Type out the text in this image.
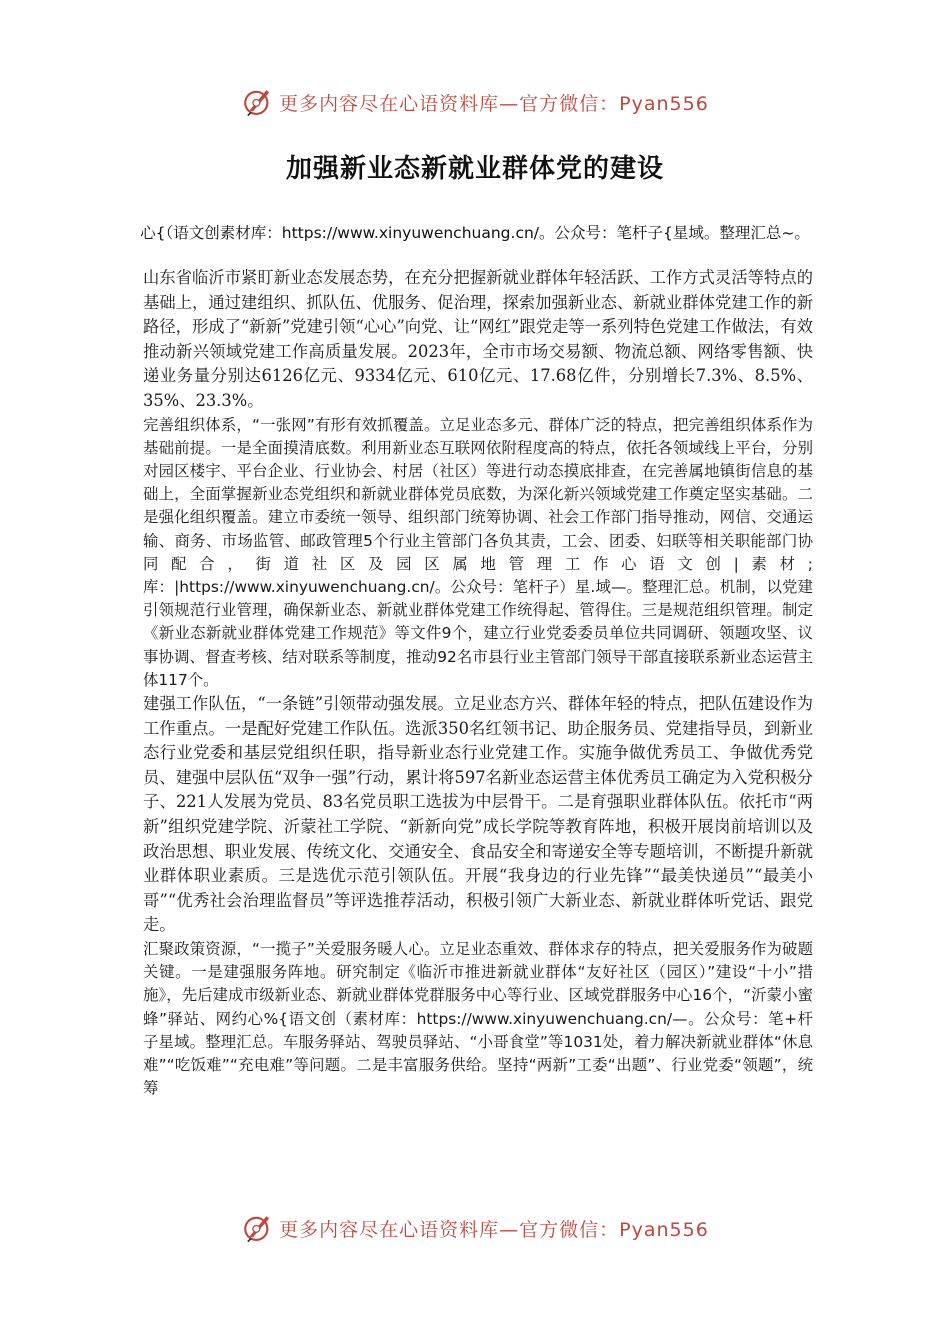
更多内容尽在心语资料库—官方微信：Pyan556
加强新业态新就业群体党的建设
心{（语文创素材库：https://www.xinyuwenchuang.cn/。公众号：笔杆子{星域。整理汇总~。

山东省临沂市紧盯新业态发展态势，在充分把握新就业群体年轻活跃、工作方式灵活等特点的基础上，通过建组织、抓队伍、优服务、促治理，探索加强新业态、新就业群体党建工作的新路径，形成了“新新”党建引领“心心”向党、让“网红”跟党走等一系列特色党建工作做法，有效推动新兴领域党建工作高质量发展。2023年，全市市场交易额、物流总额、网络零售额、快递业务量分别达6126亿元、9334亿元、610亿元、17.68亿件，分别增长7.3%、8.5%、35%、23.3%。

完善组织体系，“一张网”有形有效抓覆盖。立足业态多元、群体广泛的特点，把完善组织体系作为基础前提。一是全面摸清底数。利用新业态互联网依附程度高的特点，依托各领域线上平台，分别对园区楼宇、平台企业、行业协会、村居（社区）等进行动态摸底排查，在完善属地镇街信息的基础上，全面掌握新业态党组织和新就业群体党员底数，为深化新兴领域党建工作奠定坚实基础。二是强化组织覆盖。建立市委统一领导、组织部门统筹协调、社会工作部门指导推动，网信、交通运输、商务、市场监管、邮政管理5个行业主管部门各负其责，工会、团委、妇联等相关职能部门协同配合，街道社区及园区属地管理工作心语文创|素材;库：|https://www.xinyuwenchuang.cn/。公众号：笔杆子）星.域—。整理汇总。机制，以党建引领规范行业管理，确保新业态、新就业群体党建工作统得起、管得住。三是规范组织管理。制定《新业态新就业群体党建工作规范》等文件9个，建立行业党委委员单位共同调研、领题攻坚、议事协调、督查考核、结对联系等制度，推动92名市县行业主管部门领导干部直接联系新业态运营主体117个。

建强工作队伍，“一条链”引领带动强发展。立足业态方兴、群体年轻的特点，把队伍建设作为工作重点。一是配好党建工作队伍。选派350名红领书记、助企服务员、党建指导员，到新业态行业党委和基层党组织任职，指导新业态行业党建工作。实施争做优秀员工、争做优秀党员、建强中层队伍“双争一强”行动，累计将597名新业态运营主体优秀员工确定为入党积极分子、221人发展为党员、83名党员职工选拔为中层骨干。二是育强职业群体队伍。依托市“两新”组织党建学院、沂蒙社工学院、“新新向党”成长学院等教育阵地，积极开展岗前培训以及政治思想、职业发展、传统文化、交通安全、食品安全和寄递安全等专题培训，不断提升新就业群体职业素质。三是选优示范引领队伍。开展“我身边的行业先锋”“最美快递员”“最美小哥”“优秀社会治理监督员”等评选推荐活动，积极引领广大新业态、新就业群体听党话、跟党走。

汇聚政策资源，“一揽子”关爱服务暖人心。立足业态重效、群体求存的特点，把关爱服务作为破题关键。一是建强服务阵地。研究制定《临沂市推进新就业群体“友好社区（园区）”建设“十小”措施》，先后建成市级新业态、新就业群体党群服务中心等行业、区域党群服务中心16个，“沂蒙小蜜蜂”驿站、网约心%{语文创（素材库：https://www.xinyuwenchuang.cn/—。公众号：笔+杆子星域。整理汇总。车服务驿站、驾驶员驿站、“小哥食堂”等1031处，着力解决新就业群体“休息难”“吃饭难”“充电难”等问题。二是丰富服务供给。坚持“两新”工委“出题”、行业党委“领题”，统筹

更多内容尽在心语资料库—官方微信：Pyan556
